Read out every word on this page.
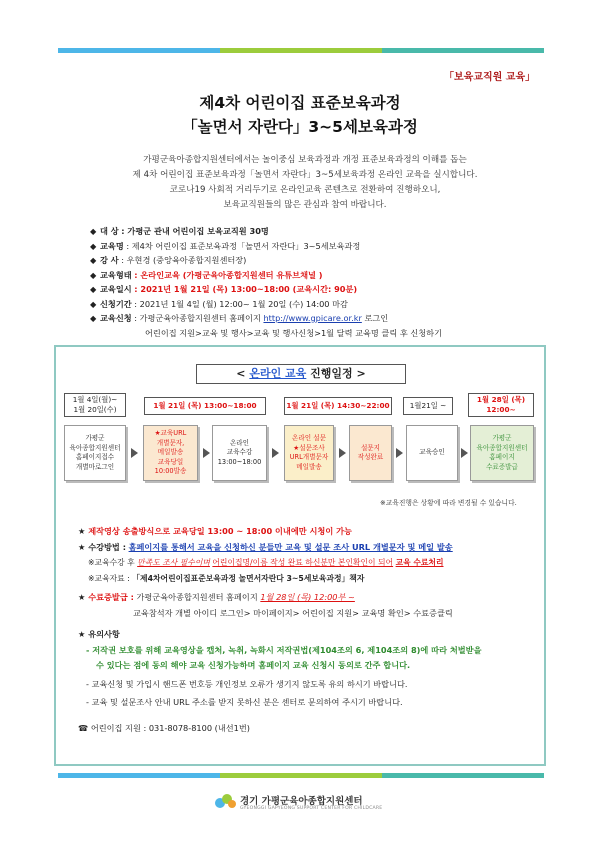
「보육교직원 교육」
제4차 어린이집 표준보육과정
「놀면서 자란다」3~5세보육과정
가평군육아종합지원센터에서는 놀이중심 보육과정과 개정 표준보육과정의 이해를 돕는
제 4차 어린이집 표준보육과정「놀면서 자란다」3~5세보육과정 온라인 교육을 실시합니다.
코로나19 사회적 거리두기로 온라인교육 콘텐츠로 전환하여 진행하오니,
보육교직원들의 많은 관심과 참여 바랍니다.
◆ 대 상 : 가평군 관내 어린이집 보육교직원 30명
◆ 교육명 : 제4차 어린이집 표준보육과정「놀면서 자란다」3~5세보육과정
◆ 강 사 : 우현경 (중앙육아종합지원센터장)
◆ 교육형태 : 온라인교육 (가평군육아종합지원센터 유튜브채널 )
◆ 교육일시 : 2021년 1월 21일 (목) 13:00~18:00 (교육시간: 90분)
◆ 신청기간 : 2021년 1월 4일 (월) 12:00~ 1월 20일 (수) 14:00 마감
◆ 교육신청 : 가평군육아종합지원센터 홈페이지 http://www.gpicare.or.kr 로그인
어린이집 지원>교육 및 행사>교육 및 행사신청>1월 달력 교육명 클릭 후 신청하기
< 온라인 교육 진행일정 >
1월 4일(월)~
1월 20일(수)	1월 21일 (목) 13:00~18:00	1월 21일 (목) 14:30~22:00	1월21일 ~
1월 28일 (목)
12:00~
가평군
육아종합지원센터
홈페이지접수
개별마로그인
★교육URL
개별문자,
메일발송
교육당일
10:00발송
온라인
교육수강
13:00~18:00
온라인 설문
★설문조사
URL개별문자
메일발송
설문지
작성완료
교육승인
가평군
육아종합지원센터
홈페이지
수료증발급
※교육진행은 상황에 따라 변경될 수 있습니다.
★ 제작영상 송출방식으로 교육당일 13:00 ~ 18:00 이내에만 시청이 가능
★ 수강방법 : 홈페이지를 통해서 교육을 신청하신 분들만 교육 및 설문 조사 URL 개별문자 및 메일 발송
※교육수강 후 만족도 조사 필수이며 어린이집명/이름 작성 완료 하신분만 본인확인이 되어 교육 수료처리
※교육자료 : 「제4차어린이집표준보육과정 놀면서자란다 3~5세보육과정」책자
★ 수료증발급 : 가평군육아종합지원센터 홈페이지 1월 28일 (목) 12:00부 ~
교육참석자 개별 아이디 로그인> 마이페이지> 어린이집 지원> 교육명 확인> 수료증클릭
★ 유의사항
- 저작권 보호를 위해 교육영상을 캡처, 녹취, 녹화시 저작권법(제104조의 6, 제104조의 8)에 따라 처벌받을
수 있다는 점에 동의 해야 교육 신청가능하며 홈페이지 교육 신청시 동의로 간주 합니다.
- 교육신청 및 가입시 핸드폰 번호등 개인정보 오류가 생기지 않도록 유의 하시기 바랍니다.
- 교육 및 설문조사 안내 URL 주소를 받지 못하신 분은 센터로 문의하여 주시기 바랍니다.
☎ 어린이집 지원 : 031-8078-8100 (내선1번)
경기 가평군육아종합지원센터
GYEONGGI GAPYEONG SUPPORT CENTER FOR CHILDCARE
